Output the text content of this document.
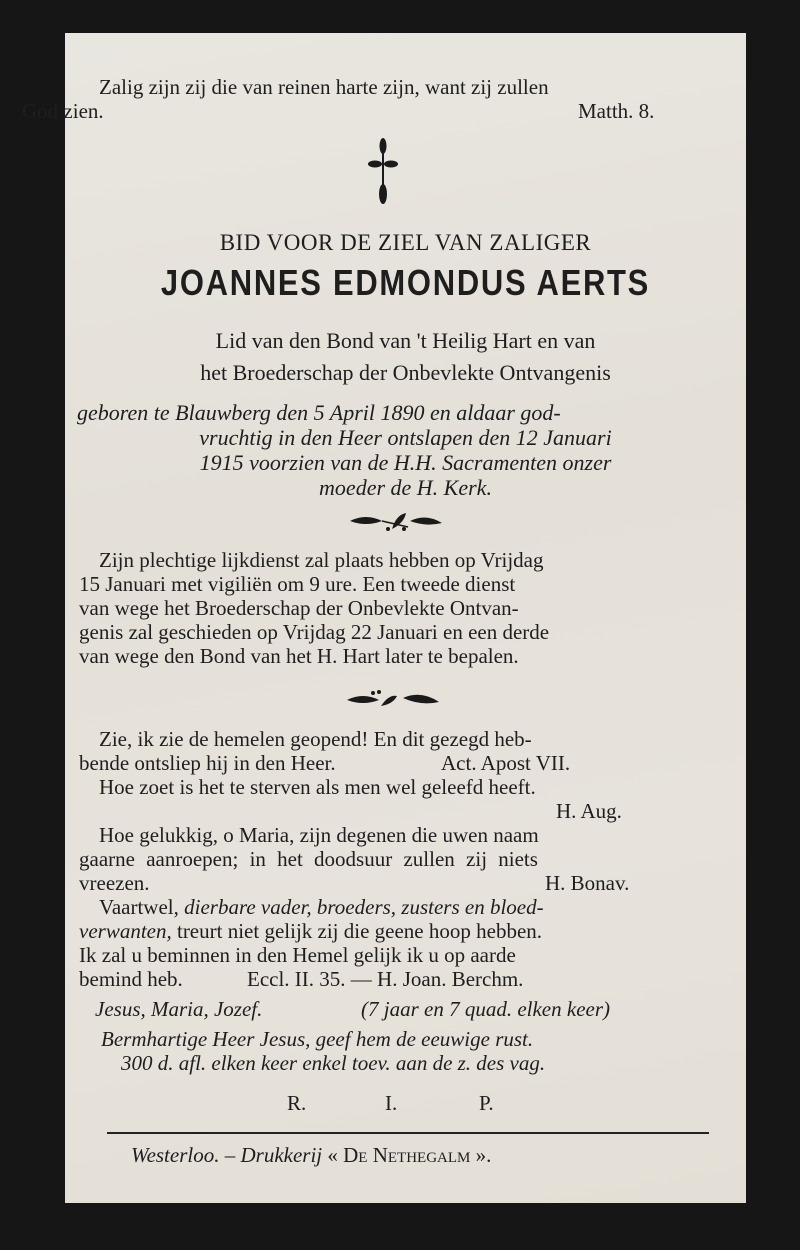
Zalig zijn zij die van reinen harte zijn, want zij zullen
God zien.	Matth. 8.
BID VOOR DE ZIEL VAN ZALIGER
JOANNES EDMONDUS AERTS
Lid van den Bond van 't Heilig Hart en van
het Broederschap der Onbevlekte Ontvangenis
geboren te Blauwberg den 5 April 1890 en aldaar god-
vruchtig in den Heer ontslapen den 12 Januari
1915 voorzien van de H.H. Sacramenten onzer
moeder de H. Kerk.
Zijn plechtige lijkdienst zal plaats hebben op Vrijdag
15 Januari met vigiliën om 9 ure. Een tweede dienst
van wege het Broederschap der Onbevlekte Ontvan-
genis zal geschieden op Vrijdag 22 Januari en een derde
van wege den Bond van het H. Hart later te bepalen.
Zie, ik zie de hemelen geopend! En dit gezegd heb-
bende ontsliep hij in den Heer.	Act. Apost VII.
Hoe zoet is het te sterven als men wel geleefd heeft.
H. Aug.
Hoe gelukkig, o Maria, zijn degenen die uwen naam
gaarne aanroepen; in het doodsuur zullen zij niets
vreezen.	H. Bonav.
Vaartwel, dierbare vader, broeders, zusters en bloed-
verwanten, treurt niet gelijk zij die geene hoop hebben.
Ik zal u beminnen in den Hemel gelijk ik u op aarde
bemind heb.	Eccl. II. 35. — H. Joan. Berchm.
Jesus, Maria, Jozef.	(7 jaar en 7 quad. elken keer)
Bermhartige Heer Jesus, geef hem de eeuwige rust.
300 d. afl. elken keer enkel toev. aan de z. des vag.
R.	I.	P.
Westerloo. – Drukkerij « De Nethegalm ».
